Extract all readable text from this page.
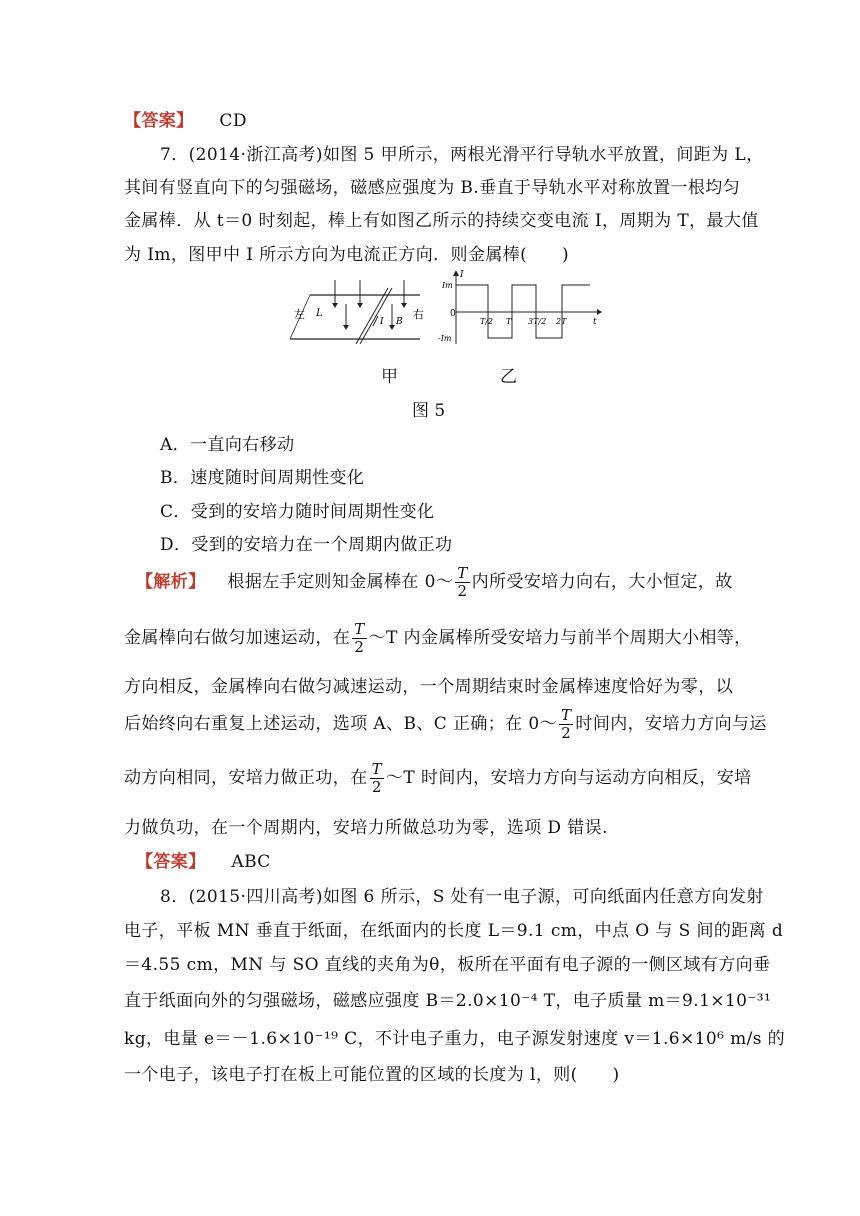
【答案】 CD
7．(2014·浙江高考)如图 5 甲所示，两根光滑平行导轨水平放置，间距为 L，
其间有竖直向下的匀强磁场，磁感应强度为 B.垂直于导轨水平对称放置一根均匀
金属棒．从 t＝0 时刻起，棒上有如图乙所示的持续交变电流 I，周期为 T，最大值
为 Im，图甲中 I 所示方向为电流正方向．则金属棒(　　)
左 L
I B
右
I
t
Im
0
-Im
T/2 T 3T/2 2T
甲	乙
图 5
A．一直向右移动
B．速度随时间周期性变化
C．受到的安培力随时间周期性变化
D．受到的安培力在一个周期内做正功
【解析】 根据左手定则知金属棒在 0～ $\frac{T}{2}$ 内所受安培力向右，大小恒定，故
金属棒向右做匀加速运动，在 $\frac{T}{2}$ ～T 内金属棒所受安培力与前半个周期大小相等，
方向相反，金属棒向右做匀减速运动，一个周期结束时金属棒速度恰好为零，以
后始终向右重复上述运动，选项 A、B、C 正确；在 0～ $\frac{T}{2}$ 时间内，安培力方向与运
动方向相同，安培力做正功，在 $\frac{T}{2}$ ～T 时间内，安培力方向与运动方向相反，安培
力做负功，在一个周期内，安培力所做总功为零，选项 D 错误.
【答案】 ABC
8．(2015·四川高考)如图 6 所示，S 处有一电子源，可向纸面内任意方向发射
电子，平板 MN 垂直于纸面，在纸面内的长度 L＝9.1 cm，中点 O 与 S 间的距离 d
＝4.55 cm，MN 与 SO 直线的夹角为θ，板所在平面有电子源的一侧区域有方向垂
直于纸面向外的匀强磁场，磁感应强度 B＝2.0×10⁻⁴ T，电子质量 m＝9.1×10⁻³¹
kg，电量 e＝－1.6×10⁻¹⁹ C，不计电子重力，电子源发射速度 v＝1.6×10⁶ m/s 的
一个电子，该电子打在板上可能位置的区域的长度为 l，则(　　)
